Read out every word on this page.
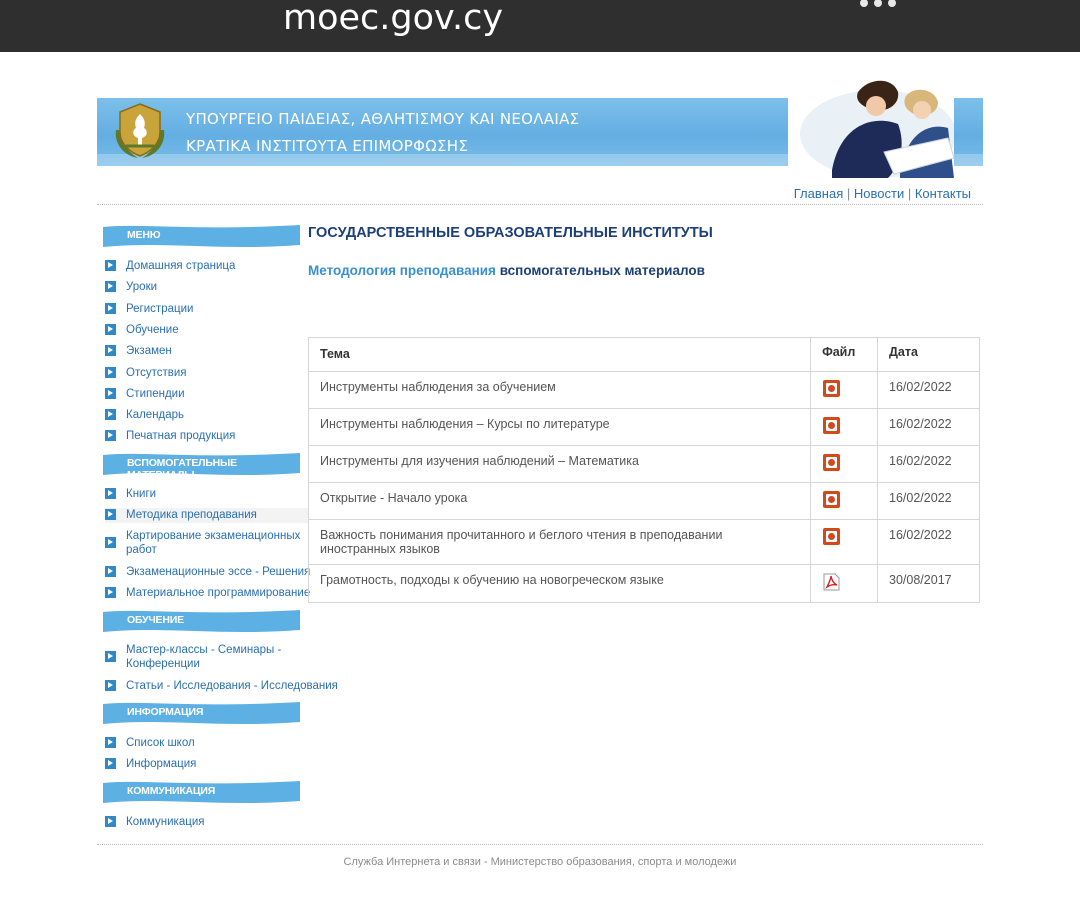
moec.gov.cy
ΥΠΟΥΡΓΕΙΟ ΠΑΙΔΕΙΑΣ, ΑΘΛΗΤΙΣΜΟΥ ΚΑΙ ΝΕΟΛΑΙΑΣ
ΚΡΑΤΙΚΑ ΙΝΣΤΙΤΟΥΤΑ ΕΠΙΜΟΡΦΩΣΗΣ
Главная | Новости | Контакты
МЕНЮ
Домашняя страница
Уроки
Регистрации
Обучение
Экзамен
Отсутствия
Стипендии
Календарь
Печатная продукция
ВСПОМОГАТЕЛЬНЫЕ МАТЕРИАЛЫ
Книги
Методика преподавания
Картирование экзаменационных работ
Экзаменационные эссе - Решения
Материальное программирование
ОБУЧЕНИЕ
Мастер-классы - Семинары - Конференции
Статьи - Исследования - Исследования
ИНФОРМАЦИЯ
Список школ
Информация
КОММУНИКАЦИЯ
Коммуникация
ГОСУДАРСТВЕННЫЕ ОБРАЗОВАТЕЛЬНЫЕ ИНСТИТУТЫ
Методология преподавания вспомогательных материалов
Тема	Файл	Дата
Инструменты наблюдения за обучением		16/02/2022
Инструменты наблюдения – Курсы по литературе		16/02/2022
Инструменты для изучения наблюдений – Математика		16/02/2022
Открытие - Начало урока		16/02/2022
Важность понимания прочитанного и беглого чтения в преподавании иностранных языков		16/02/2022
Грамотность, подходы к обучению на новогреческом языке		30/08/2017
Служба Интернета и связи - Министерство образования, спорта и молодежи
